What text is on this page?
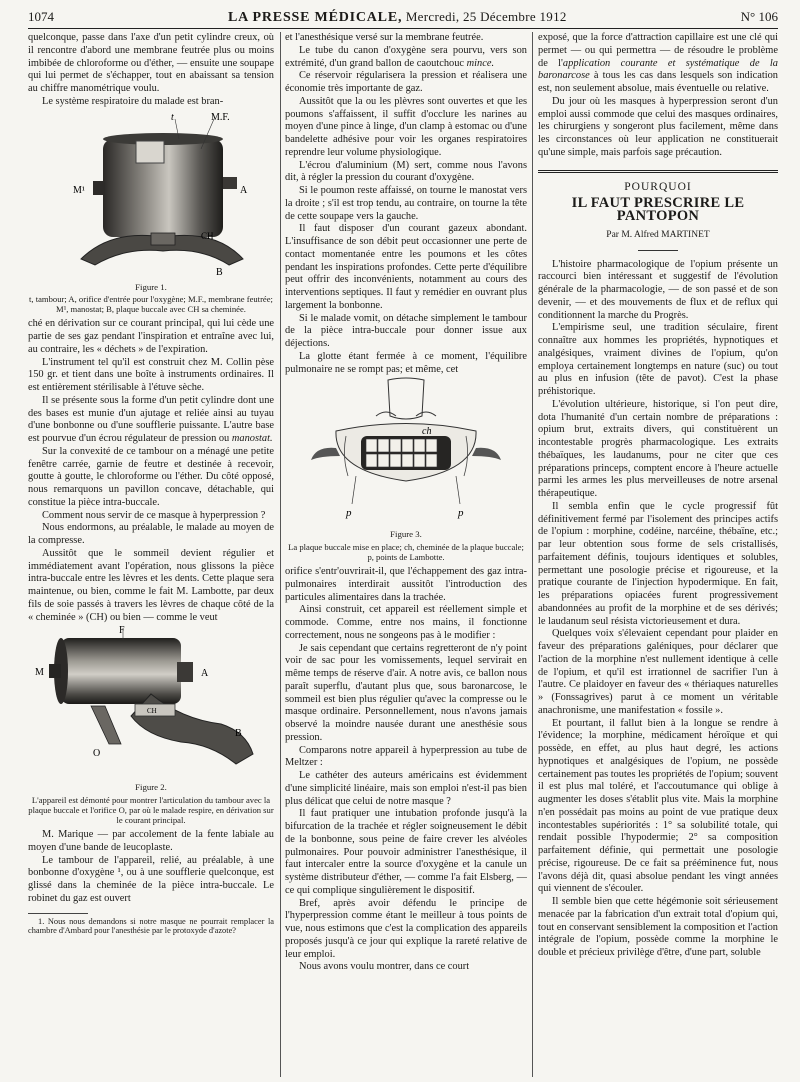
1074	LA PRESSE MÉDICALE, Mercredi, 25 Décembre 1912	N° 106

quelconque, passe dans l'axe d'un petit cylindre creux, où il rencontre d'abord une membrane feutrée plus ou moins imbibée de chloroforme ou d'éther, — ensuite une soupape qui lui permet de s'échapper, tout en abaissant sa tension au chiffre manométrique voulu.

Le système respiratoire du malade est bran-

t	M.F.
M¹	A
CH
B
Figure 1.
t, tambour; A, orifice d'entrée pour l'oxygène; M.F., membrane feutrée; M¹, manostat; B, plaque buccale avec CH sa cheminée.

ché en dérivation sur ce courant principal, qui lui cède une partie de ses gaz pendant l'inspiration et entraîne avec lui, au contraire, les « déchets » de l'expiration.

L'instrument tel qu'il est construit chez M. Collin pèse 150 gr. et tient dans une boîte à instruments ordinaires. Il est entièrement stérilisable à l'étuve sèche.

Il se présente sous la forme d'un petit cylindre dont une des bases est munie d'un ajutage et reliée ainsi au tuyau d'une bonbonne ou d'une soufflerie puissante. L'autre base est pourvue d'un écrou régulateur de pression ou manostat.

Sur la convexité de ce tambour on a ménagé une petite fenêtre carrée, garnie de feutre et destinée à recevoir, goutte à goutte, le chloroforme ou l'éther. Du côté opposé, nous remarquons un pavillon concave, détachable, qui constitue la pièce intra-buccale.

Comment nous servir de ce masque à hyperpression ?

Nous endormons, au préalable, le malade au moyen de la compresse.

Aussitôt que le sommeil devient régulier et immédiatement avant l'opération, nous glissons la pièce intra-buccale entre les lèvres et les dents. Cette plaque sera maintenue, ou bien, comme le fait M. Lambotte, par deux fils de soie passés à travers les lèvres de chaque côté de la « cheminée » (CH) ou bien — comme le veut

F
M	A
O
CH
B
Figure 2.
L'appareil est démonté pour montrer l'articulation du tambour avec la plaque buccale et l'orifice O, par où le malade respire, en dérivation sur le courant principal.

M. Marique — par accolement de la fente labiale au moyen d'une bande de leucoplaste.

Le tambour de l'appareil, relié, au préalable, à une bonbonne d'oxygène ¹, ou à une soufflerie quelconque, est glissé dans la cheminée de la pièce intra-buccale. Le robinet du gaz est ouvert

1. Nous nous demandons si notre masque ne pourrait remplacer la chambre d'Ambard pour l'anesthésie par le protoxyde d'azote?

et l'anesthésique versé sur la membrane feutrée.

Le tube du canon d'oxygène sera pourvu, vers son extrémité, d'un grand ballon de caoutchouc mince.

Ce réservoir régularisera la pression et réalisera une économie très importante de gaz.

Aussitôt que la ou les plèvres sont ouvertes et que les poumons s'affaissent, il suffit d'occlure les narines au moyen d'une pince à linge, d'un clamp à estomac ou d'une bandelette adhésive pour voir les organes respiratoires reprendre leur volume physiologique.

L'écrou d'aluminium (M) sert, comme nous l'avons dit, à régler la pression du courant d'oxygène.

Si le poumon reste affaissé, on tourne le manostat vers la droite ; s'il est trop tendu, au contraire, on tourne la tête de cette soupape vers la gauche.

Il faut disposer d'un courant gazeux abondant. L'insuffisance de son débit peut occasionner une perte de contact momentanée entre les poumons et les côtes pendant les inspirations profondes. Cette perte d'équilibre peut offrir des inconvénients, notamment au cours des interventions septiques. Il faut y remédier en ouvrant plus largement la bonbonne.

Si le malade vomit, on détache simplement le tambour de la pièce intra-buccale pour donner issue aux déjections.

La glotte étant fermée à ce moment, l'équilibre pulmonaire ne se rompt pas; et même, cet

ch
p	p
Figure 3.
La plaque buccale mise en place; ch, cheminée de la plaque buccale; p, points de Lambotte.

orifice s'entr'ouvrirait-il, que l'échappement des gaz intra-pulmonaires interdirait aussitôt l'introduction des particules alimentaires dans la trachée.

Ainsi construit, cet appareil est réellement simple et commode. Comme, entre nos mains, il fonctionne correctement, nous ne songeons pas à le modifier :

Je sais cependant que certains regretteront de n'y point voir de sac pour les vomissements, lequel servirait en même temps de réserve d'air. A notre avis, ce ballon nous paraît superflu, d'autant plus que, sous baronarcose, le sommeil est bien plus régulier qu'avec la compresse ou le masque ordinaire. Personnellement, nous n'avons jamais observé la moindre nausée durant une anesthésie sous pression.

Comparons notre appareil à hyperpression au tube de Meltzer :

Le cathéter des auteurs américains est évidemment d'une simplicité linéaire, mais son emploi n'est-il pas bien plus délicat que celui de notre masque ?

Il faut pratiquer une intubation profonde jusqu'à la bifurcation de la trachée et régler soigneusement le débit de la bonbonne, sous peine de faire crever les alvéoles pulmonaires. Pour pouvoir administrer l'anesthésique, il faut intercaler entre la source d'oxygène et la canule un système distributeur d'éther, — comme l'a fait Elsberg, — ce qui complique singulièrement le dispositif.

Bref, après avoir défendu le principe de l'hyperpression comme étant le meilleur à tous points de vue, nous estimons que c'est la complication des appareils proposés jusqu'à ce jour qui explique la rareté relative de leur emploi.

Nous avons voulu montrer, dans ce court

exposé, que la force d'attraction capillaire est une clé qui permet — ou qui permettra — de résoudre le problème de l'application courante et systématique de la baronarcose à tous les cas dans lesquels son indication est, non seulement absolue, mais éventuelle ou relative.

Du jour où les masques à hyperpression seront d'un emploi aussi commode que celui des masques ordinaires, les chirurgiens y songeront plus facilement, même dans les circonstances où leur application ne constituerait qu'une simple, mais parfois sage précaution.

POURQUOI
IL FAUT PRESCRIRE LE PANTOPON
Par M. Alfred MARTINET

L'histoire pharmacologique de l'opium présente un raccourci bien intéressant et suggestif de l'évolution générale de la pharmacologie, — de son passé et de son devenir, — et des mouvements de flux et de reflux qui conditionnent la marche du Progrès.

L'empirisme seul, une tradition séculaire, firent connaître aux hommes les propriétés, hypnotiques et analgésiques, vraiment divines de l'opium, qu'on employa certainement longtemps en nature (suc) ou tout au plus en infusion (tête de pavot). C'est la phase préhistorique.

L'évolution ultérieure, historique, si l'on peut dire, dota l'humanité d'un certain nombre de préparations : opium brut, extraits divers, qui constituèrent un incontestable progrès pharmacologique. Les extraits thébaïques, les laudanums, pour ne citer que ces préparations princeps, comptent encore à l'heure actuelle parmi les armes les plus merveilleuses de notre arsenal thérapeutique.

Il sembla enfin que le cycle progressif fût définitivement fermé par l'isolement des principes actifs de l'opium : morphine, codéine, narcéine, thébaïne, etc.; par leur obtention sous forme de sels cristallisés, parfaitement définis, toujours identiques et solubles, permettant une posologie précise et rigoureuse, et la pratique courante de l'injection hypodermique. En fait, les préparations opiacées furent progressivement abandonnées au profit de la morphine et de ses dérivés; le laudanum seul résista victorieusement et dura.

Quelques voix s'élevaient cependant pour plaider en faveur des préparations galéniques, pour déclarer que l'action de la morphine n'est nullement identique à celle de l'opium, et qu'il est irrationnel de sacrifier l'un à l'autre. Ce plaidoyer en faveur des « thériaques naturelles » (Fonssagrives) parut à ce moment un véritable anachronisme, une manifestation « fossile ».

Et pourtant, il fallut bien à la longue se rendre à l'évidence; la morphine, médicament héroïque et qui possède, en effet, au plus haut degré, les actions hypnotiques et analgésiques de l'opium, ne possède certainement pas toutes les propriétés de l'opium; souvent il est plus mal toléré, et l'accoutumance qui oblige à augmenter les doses s'établit plus vite. Mais la morphine n'en possédait pas moins au point de vue pratique deux incontestables supériorités : 1° sa solubilité totale, qui rendait possible l'hypodermie; 2° sa composition parfaitement définie, qui permettait une posologie précise, rigoureuse. De ce fait sa prééminence fut, nous l'avons déjà dit, quasi absolue pendant les vingt années qui viennent de s'écouler.

Il semble bien que cette hégémonie soit sérieusement menacée par la fabrication d'un extrait total d'opium qui, tout en conservant sensiblement la composition et l'action intégrale de l'opium, possède comme la morphine le double et précieux privilège d'être, d'une part, soluble
